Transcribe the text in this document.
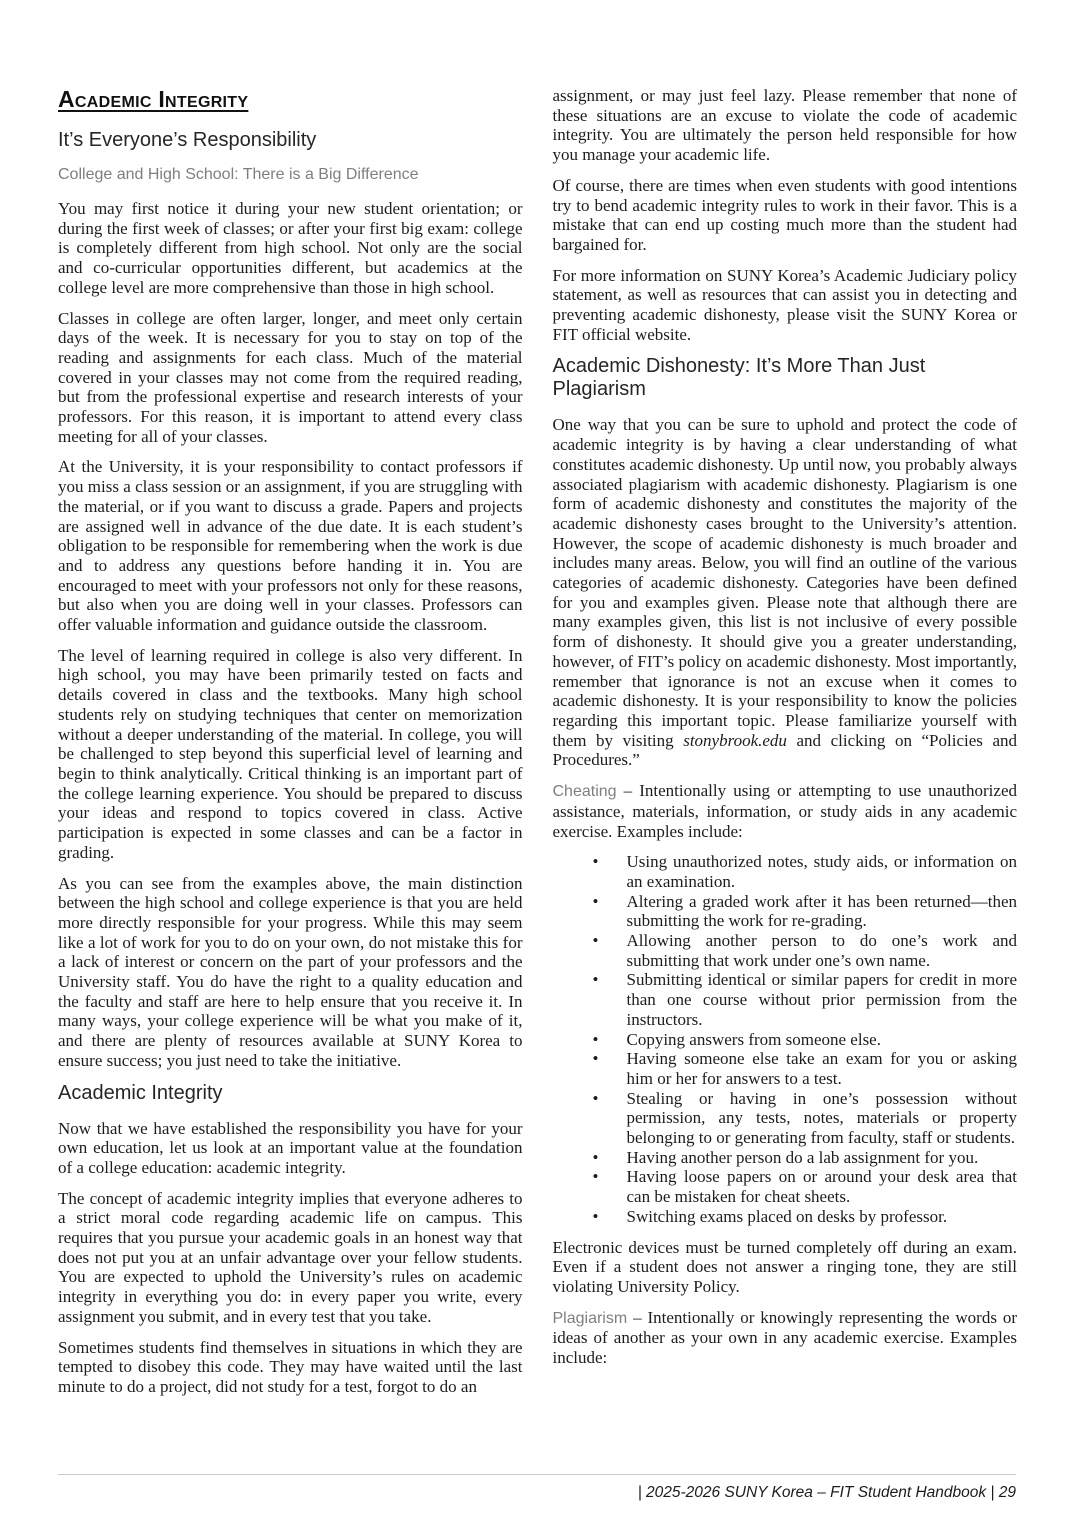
Academic Integrity
It’s Everyone’s Responsibility
College and High School: There is a Big Difference

You may first notice it during your new student orientation; or during the first week of classes; or after your first big exam: college is completely different from high school. Not only are the social and co-curricular opportunities different, but academics at the college level are more comprehensive than those in high school.

Classes in college are often larger, longer, and meet only certain days of the week. It is necessary for you to stay on top of the reading and assignments for each class. Much of the material covered in your classes may not come from the required reading, but from the professional expertise and research interests of your professors. For this reason, it is important to attend every class meeting for all of your classes.

At the University, it is your responsibility to contact professors if you miss a class session or an assignment, if you are struggling with the material, or if you want to discuss a grade. Papers and projects are assigned well in advance of the due date. It is each student’s obligation to be responsible for remembering when the work is due and to address any questions before handing it in. You are encouraged to meet with your professors not only for these reasons, but also when you are doing well in your classes. Professors can offer valuable information and guidance outside the classroom.

The level of learning required in college is also very different. In high school, you may have been primarily tested on facts and details covered in class and the textbooks. Many high school students rely on studying techniques that center on memorization without a deeper understanding of the material. In college, you will be challenged to step beyond this superficial level of learning and begin to think analytically. Critical thinking is an important part of the college learning experience. You should be prepared to discuss your ideas and respond to topics covered in class. Active participation is expected in some classes and can be a factor in grading.

As you can see from the examples above, the main distinction between the high school and college experience is that you are held more directly responsible for your progress. While this may seem like a lot of work for you to do on your own, do not mistake this for a lack of interest or concern on the part of your professors and the University staff. You do have the right to a quality education and the faculty and staff are here to help ensure that you receive it. In many ways, your college experience will be what you make of it, and there are plenty of resources available at SUNY Korea to ensure success; you just need to take the initiative.

Academic Integrity

Now that we have established the responsibility you have for your own education, let us look at an important value at the foundation of a college education: academic integrity.

The concept of academic integrity implies that everyone adheres to a strict moral code regarding academic life on campus. This requires that you pursue your academic goals in an honest way that does not put you at an unfair advantage over your fellow students. You are expected to uphold the University’s rules on academic integrity in everything you do: in every paper you write, every assignment you submit, and in every test that you take.

Sometimes students find themselves in situations in which they are tempted to disobey this code. They may have waited until the last minute to do a project, did not study for a test, forgot to do an

assignment, or may just feel lazy. Please remember that none of these situations are an excuse to violate the code of academic integrity. You are ultimately the person held responsible for how you manage your academic life.

Of course, there are times when even students with good intentions try to bend academic integrity rules to work in their favor. This is a mistake that can end up costing much more than the student had bargained for.

For more information on SUNY Korea’s Academic Judiciary policy statement, as well as resources that can assist you in detecting and preventing academic dishonesty, please visit the SUNY Korea or FIT official website.

Academic Dishonesty: It’s More Than Just Plagiarism

One way that you can be sure to uphold and protect the code of academic integrity is by having a clear understanding of what constitutes academic dishonesty. Up until now, you probably always associated plagiarism with academic dishonesty. Plagiarism is one form of academic dishonesty and constitutes the majority of the academic dishonesty cases brought to the University’s attention. However, the scope of academic dishonesty is much broader and includes many areas. Below, you will find an outline of the various categories of academic dishonesty. Categories have been defined for you and examples given. Please note that although there are many examples given, this list is not inclusive of every possible form of dishonesty. It should give you a greater understanding, however, of FIT’s policy on academic dishonesty. Most importantly, remember that ignorance is not an excuse when it comes to academic dishonesty. It is your responsibility to know the policies regarding this important topic. Please familiarize yourself with them by visiting stonybrook.edu and clicking on “Policies and Procedures.”

Cheating – Intentionally using or attempting to use unauthorized assistance, materials, information, or study aids in any academic exercise. Examples include:

• Using unauthorized notes, study aids, or information on an examination.
• Altering a graded work after it has been returned—then submitting the work for re-grading.
• Allowing another person to do one’s work and submitting that work under one’s own name.
• Submitting identical or similar papers for credit in more than one course without prior permission from the instructors.
• Copying answers from someone else.
• Having someone else take an exam for you or asking him or her for answers to a test.
• Stealing or having in one’s possession without permission, any tests, notes, materials or property belonging to or generating from faculty, staff or students.
• Having another person do a lab assignment for you.
• Having loose papers on or around your desk area that can be mistaken for cheat sheets.
• Switching exams placed on desks by professor.

Electronic devices must be turned completely off during an exam. Even if a student does not answer a ringing tone, they are still violating University Policy.

Plagiarism – Intentionally or knowingly representing the words or ideas of another as your own in any academic exercise. Examples include:

| 2025-2026 SUNY Korea – FIT Student Handbook | 29
